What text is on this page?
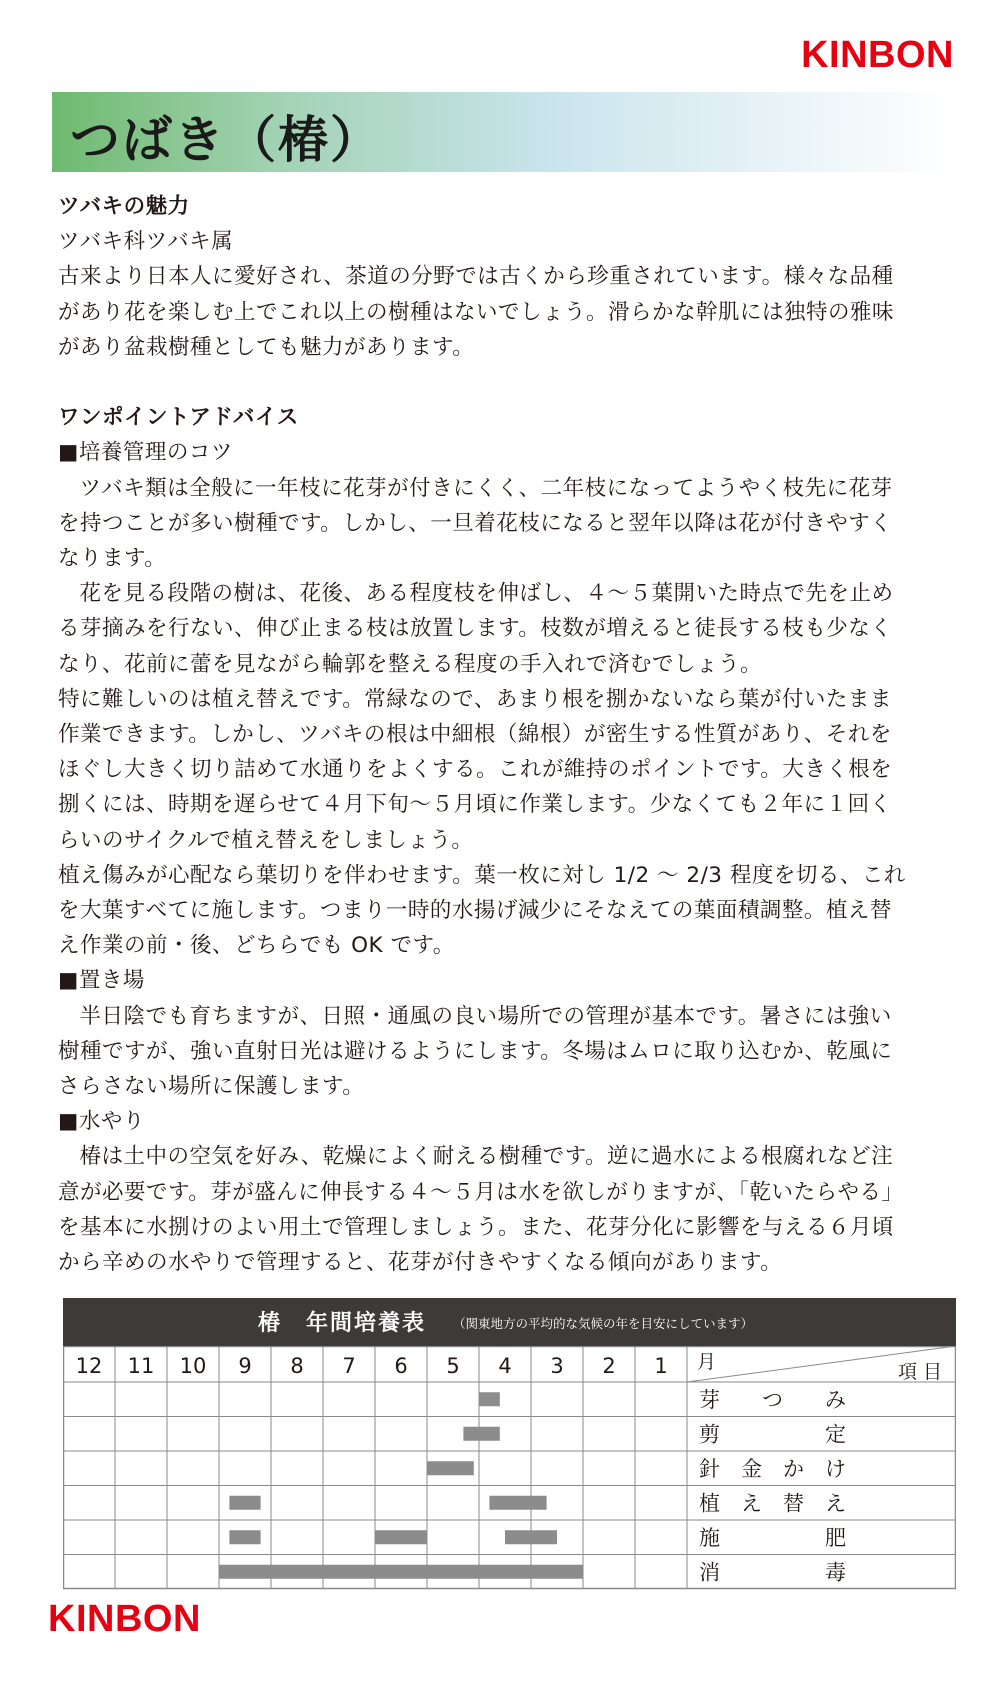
KINBON
つばき（椿）

ツバキの魅力

ツバキ科ツバキ属

古来より日本人に愛好され、茶道の分野では古くから珍重されています。様々な品種

があり花を楽しむ上でこれ以上の樹種はないでしょう。滑らかな幹肌には独特の雅味

があり盆栽樹種としても魅力があります。

ワンポイントアドバイス

■培養管理のコツ

ツバキ類は全般に一年枝に花芽が付きにくく、二年枝になってようやく枝先に花芽

を持つことが多い樹種です。しかし、一旦着花枝になると翌年以降は花が付きやすく

なります。

花を見る段階の樹は、花後、ある程度枝を伸ばし、４～５葉開いた時点で先を止め

る芽摘みを行ない、伸び止まる枝は放置します。枝数が増えると徒長する枝も少なく

なり、花前に蕾を見ながら輪郭を整える程度の手入れで済むでしょう。

特に難しいのは植え替えです。常緑なので、あまり根を捌かないなら葉が付いたまま

作業できます。しかし、ツバキの根は中細根（綿根）が密生する性質があり、それを

ほぐし大きく切り詰めて水通りをよくする。これが維持のポイントです。大きく根を

捌くには、時期を遅らせて４月下旬～５月頃に作業します。少なくても２年に１回く

らいのサイクルで植え替えをしましょう。

植え傷みが心配なら葉切りを伴わせます。葉一枚に対し 1/2 ～ 2/3 程度を切る、これ

を大葉すべてに施します。つまり一時的水揚げ減少にそなえての葉面積調整。植え替

え作業の前・後、どちらでも OK です。

■置き場

半日陰でも育ちますが、日照・通風の良い場所での管理が基本です。暑さには強い

樹種ですが、強い直射日光は避けるようにします。冬場はムロに取り込むか、乾風に

さらさない場所に保護します。

■水やり

椿は土中の空気を好み、乾燥によく耐える樹種です。逆に過水による根腐れなど注

意が必要です。芽が盛んに伸長する４～５月は水を欲しがりますが、「乾いたらやる」

を基本に水捌けのよい用土で管理しましょう。また、花芽分化に影響を与える６月頃

から辛めの水やりで管理すると、花芽が付きやすくなる傾向があります。

椿　年間培養表 （関東地方の平均的な気候の年を目安にしています）
12 11 10 9 8 7 6 5 4 3 2 1 月	項 目
芽　　つ　　み
剪　　　　　定
針　金　か　け
植　え　替　え
施　　　　　肥
消　　　　　毒
KINBON
